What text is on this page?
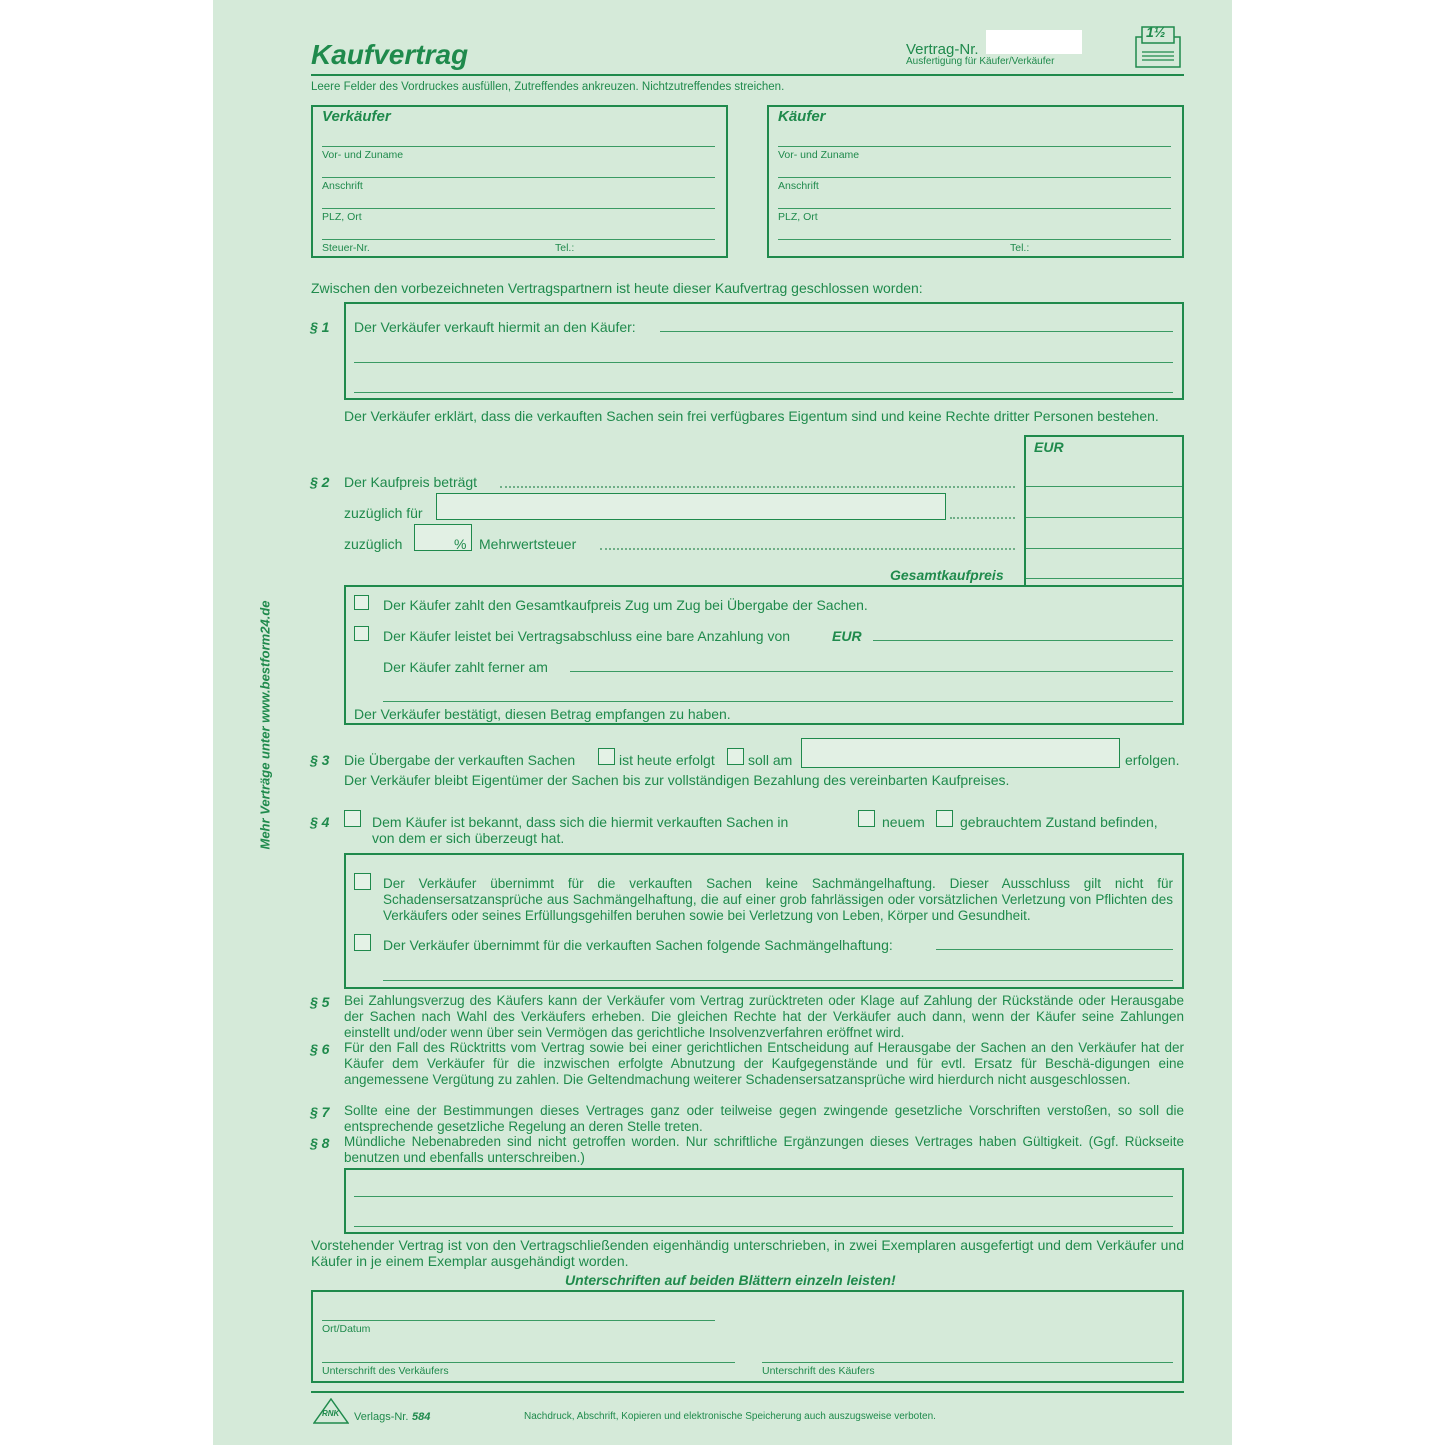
Mehr Verträge unter www.bestform24.de
Kaufvertrag	Vertrag-Nr.
Ausfertigung für Käufer/Verkäufer
1½
Leere Felder des Vordruckes ausfüllen, Zutreffendes ankreuzen. Nichtzutreffendes streichen.
Verkäufer
Vor- und Zuname
Anschrift
PLZ, Ort
Steuer-Nr.	Tel.:
Käufer
Vor- und Zuname
Anschrift
PLZ, Ort
Tel.:
Zwischen den vorbezeichneten Vertragspartnern ist heute dieser Kaufvertrag geschlossen worden:
§ 1 Der Verkäufer verkauft hiermit an den Käufer:
Der Verkäufer erklärt, dass die verkauften Sachen sein frei verfügbares Eigentum sind und keine Rechte dritter Personen bestehen.
EUR
§ 2 Der Kaufpreis beträgt
zuzüglich für
zuzüglich	% Mehrwertsteuer
Gesamtkaufpreis
Der Käufer zahlt den Gesamtkaufpreis Zug um Zug bei Übergabe der Sachen.
Der Käufer leistet bei Vertragsabschluss eine bare Anzahlung von	EUR
Der Käufer zahlt ferner am
Der Verkäufer bestätigt, diesen Betrag empfangen zu haben.
§ 3 Die Übergabe der verkauften Sachen	ist heute erfolgt soll am	erfolgen.
Der Verkäufer bleibt Eigentümer der Sachen bis zur vollständigen Bezahlung des vereinbarten Kaufpreises.
§ 4	Dem Käufer ist bekannt, dass sich die hiermit verkauften Sachen in	neuem	gebrauchtem Zustand befinden,
von dem er sich überzeugt hat.
Der Verkäufer übernimmt für die verkauften Sachen keine Sachmängelhaftung. Dieser Ausschluss gilt nicht für Schadensersatzansprüche aus Sachmängelhaftung, die auf einer grob fahrlässigen oder vorsätzlichen Verletzung von Pflichten des Verkäufers oder seines Erfüllungsgehilfen beruhen sowie bei Verletzung von Leben, Körper und Gesundheit.
Der Verkäufer übernimmt für die verkauften Sachen folgende Sachmängelhaftung:
§ 5 Bei Zahlungsverzug des Käufers kann der Verkäufer vom Vertrag zurücktreten oder Klage auf Zahlung der Rückstände oder Herausgabe der Sachen nach Wahl des Verkäufers erheben. Die gleichen Rechte hat der Verkäufer auch dann, wenn der Käufer seine Zahlungen einstellt und/oder wenn über sein Vermögen das gerichtliche Insolvenzverfahren eröffnet wird.
§ 6 Für den Fall des Rücktritts vom Vertrag sowie bei einer gerichtlichen Entscheidung auf Herausgabe der Sachen an den Verkäufer hat der Käufer dem Verkäufer für die inzwischen erfolgte Abnutzung der Kaufgegenstände und für evtl. Ersatz für Beschä-digungen eine angemessene Vergütung zu zahlen. Die Geltendmachung weiterer Schadensersatzansprüche wird hierdurch nicht ausgeschlossen.
§ 7 Sollte eine der Bestimmungen dieses Vertrages ganz oder teilweise gegen zwingende gesetzliche Vorschriften verstoßen, so soll die entsprechende gesetzliche Regelung an deren Stelle treten.
§ 8 Mündliche Nebenabreden sind nicht getroffen worden. Nur schriftliche Ergänzungen dieses Vertrages haben Gültigkeit. (Ggf. Rückseite benutzen und ebenfalls unterschreiben.)
Vorstehender Vertrag ist von den Vertragschließenden eigenhändig unterschrieben, in zwei Exemplaren ausgefertigt und dem Verkäufer und Käufer in je einem Exemplar ausgehändigt worden.
Unterschriften auf beiden Blättern einzeln leisten!
Ort/Datum
Unterschrift des Verkäufers	Unterschrift des Käufers
RNK Verlags-Nr. 584	Nachdruck, Abschrift, Kopieren und elektronische Speicherung auch auszugsweise verboten.
